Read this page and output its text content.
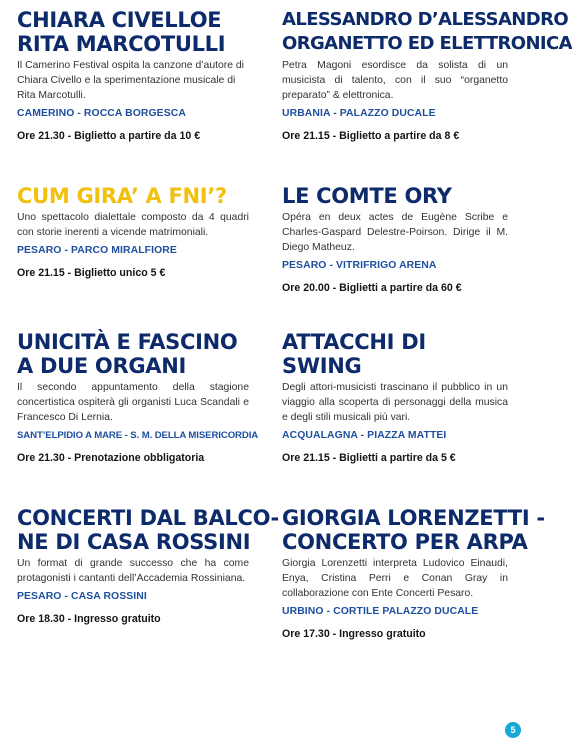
CHIARA CIVELLOE
RITA MARCOTULLI
Il Camerino Festival ospita la canzone d’autore di Chiara Civello e la sperimentazione musicale di Rita Marcotulli.
CAMERINO - ROCCA BORGESCA
Ore 21.30 - Biglietto a partire da 10 €
ALESSANDRO D’ALESSANDRO
ORGANETTO ED ELETTRONICA
Petra Magoni esordisce da solista di un musicista di talento, con il suo “organetto preparato” & elettronica.
URBANIA - PALAZZO DUCALE
Ore 21.15 - Biglietto a partire da 8 €
CUM GIRA’ A FNI’?
Uno spettacolo dialettale composto da 4 quadri con storie inerenti a vicende matrimoniali.
PESARO - PARCO MIRALFIORE
Ore 21.15 - Biglietto unico 5 €
LE COMTE ORY
Opéra en deux actes de Eugène Scribe e Charles-Gaspard Delestre-Poirson. Dirige il M. Diego Matheuz.
PESARO - VITRIFRIGO ARENA
Ore 20.00 - Biglietti a partire da 60 €
UNICITÀ E FASCINO
A DUE ORGANI
Il secondo appuntamento della stagione concertistica ospiterà gli organisti Luca Scandali e Francesco Di Lernia.
SANT’ELPIDIO A MARE - S. M. DELLA MISERICORDIA
Ore 21.30 - Prenotazione obbligatoria
ATTACCHI DI
SWING
Degli attori-musicisti trascinano il pubblico in un viaggio alla scoperta di personaggi della musica e degli stili musicali più vari.
ACQUALAGNA - PIAZZA MATTEI
Ore 21.15 - Biglietti a partire da 5 €
CONCERTI DAL BALCO-
NE DI CASA ROSSINI
Un format di grande successo che ha come protagonisti i cantanti dell’Accademia Rossiniana.
PESARO - CASA ROSSINI
Ore 18.30 - Ingresso gratuito
GIORGIA LORENZETTI -
CONCERTO PER ARPA
Giorgia Lorenzetti interpreta Ludovico Einaudi, Enya, Cristina Perri e Conan Gray in collaborazione con Ente Concerti Pesaro.
URBINO - CORTILE PALAZZO DUCALE
Ore 17.30 - Ingresso gratuito
5
